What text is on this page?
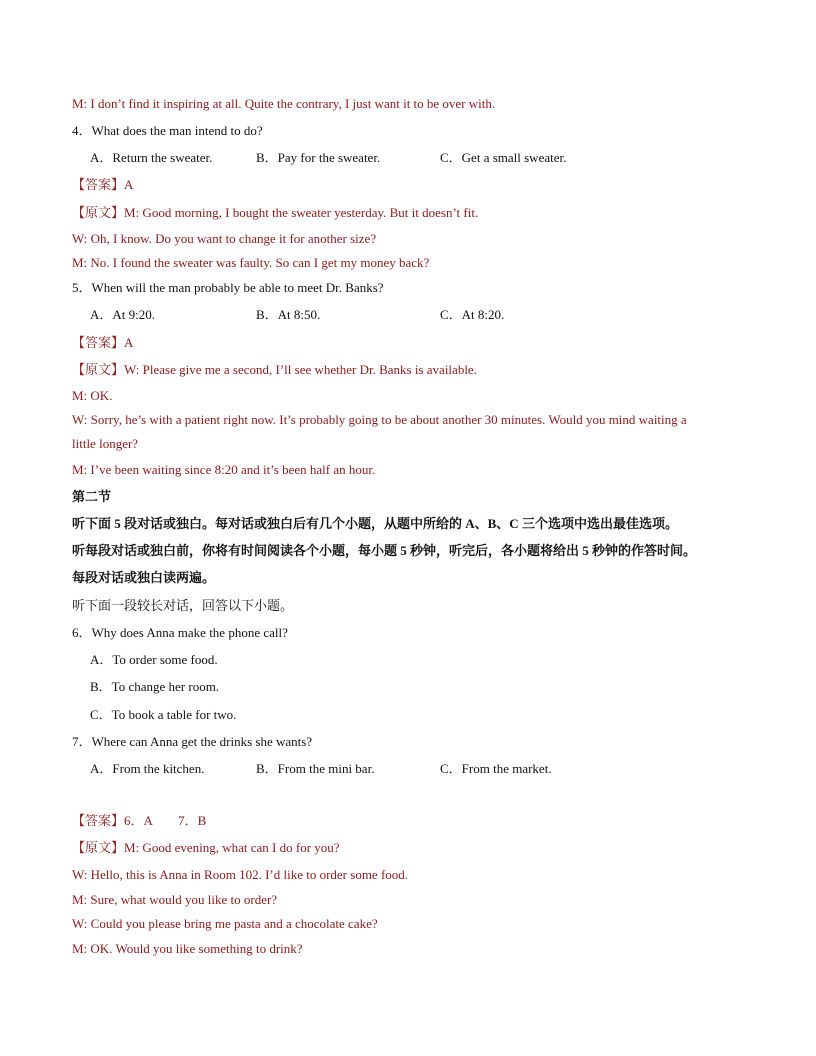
M: I don’t find it inspiring at all. Quite the contrary, I just want it to be over with.
4．What does the man intend to do?
A．Return the sweater.	B．Pay for the sweater.	C．Get a small sweater.
【答案】A
【原文】M: Good morning, I bought the sweater yesterday. But it doesn’t fit.
W: Oh, I know. Do you want to change it for another size?
M: No. I found the sweater was faulty. So can I get my money back?
5．When will the man probably be able to meet Dr. Banks?
A．At 9:20.	B．At 8:50.	C．At 8:20.
【答案】A
【原文】W: Please give me a second, I’ll see whether Dr. Banks is available.
M: OK.
W: Sorry, he’s with a patient right now. It’s probably going to be about another 30 minutes. Would you mind waiting a
little longer?
M: I’ve been waiting since 8:20 and it’s been half an hour.
第二节
听下面 5 段对话或独白。每对话或独白后有几个小题，从题中所给的 A、B、C 三个选项中选出最佳选项。
听每段对话或独白前，你将有时间阅读各个小题，每小题 5 秒钟，听完后，各小题将给出 5 秒钟的作答时间。
每段对话或独白读两遍。
听下面一段较长对话，回答以下小题。
6．Why does Anna make the phone call?
A．To order some food.
B．To change her room.
C．To book a table for two.
7．Where can Anna get the drinks she wants?
A．From the kitchen.	B．From the mini bar.	C．From the market.
【答案】6．A　　7．B
【原文】M: Good evening, what can I do for you?
W: Hello, this is Anna in Room 102. I’d like to order some food.
M: Sure, what would you like to order?
W: Could you please bring me pasta and a chocolate cake?
M: OK. Would you like something to drink?
